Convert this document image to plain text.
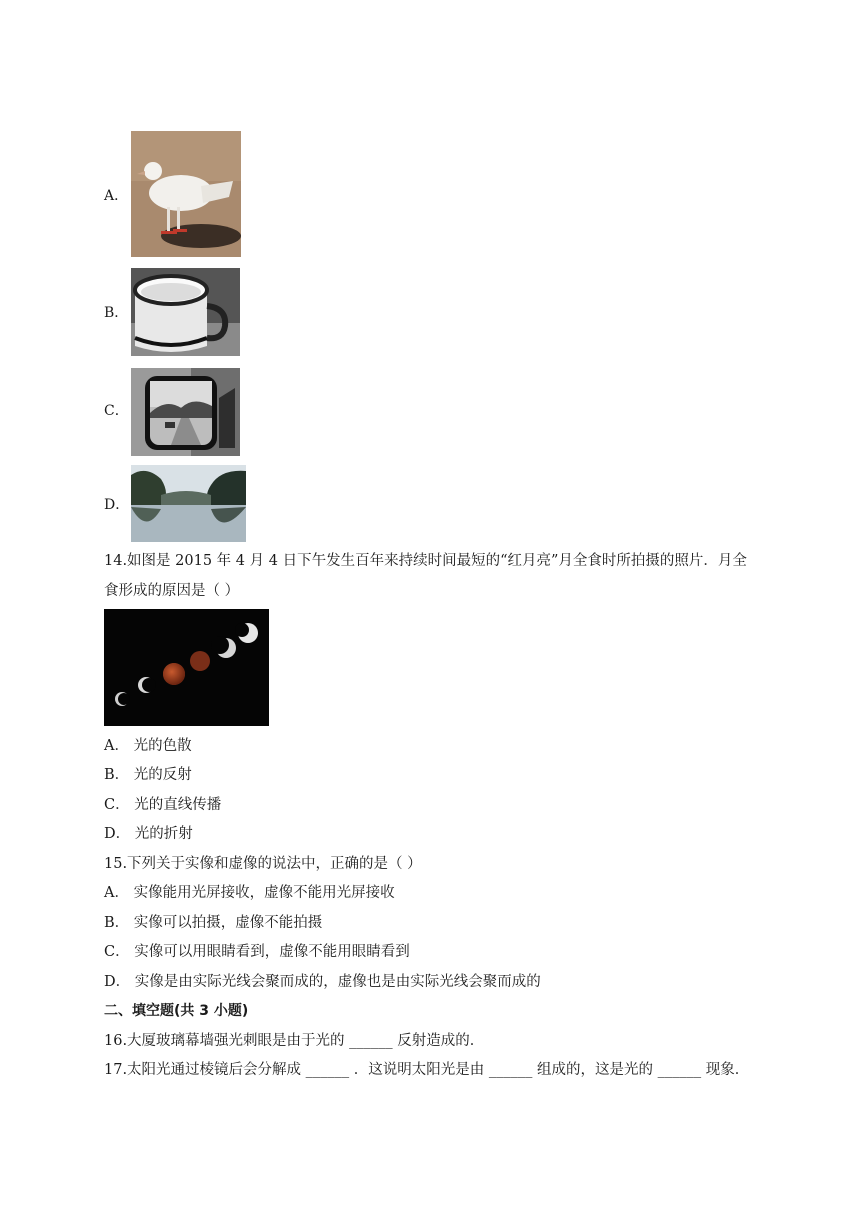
A．
B．
C．
D．
14.如图是 2015 年 4 月 4 日下午发生百年来持续时间最短的“红月亮”月全食时所拍摄的照片．月全
食形成的原因是（ ）
A． 光的色散
B． 光的反射
C． 光的直线传播
D． 光的折射
15.下列关于实像和虚像的说法中，正确的是（ ）
A． 实像能用光屏接收，虚像不能用光屏接收
B． 实像可以拍摄，虚像不能拍摄
C． 实像可以用眼睛看到，虚像不能用眼睛看到
D． 实像是由实际光线会聚而成的，虚像也是由实际光线会聚而成的
二、填空题(共 3 小题)
16.大厦玻璃幕墙强光刺眼是由于光的 ______ 反射造成的．
17.太阳光通过棱镜后会分解成 ______ ．这说明太阳光是由 ______ 组成的，这是光的 ______ 现象．
